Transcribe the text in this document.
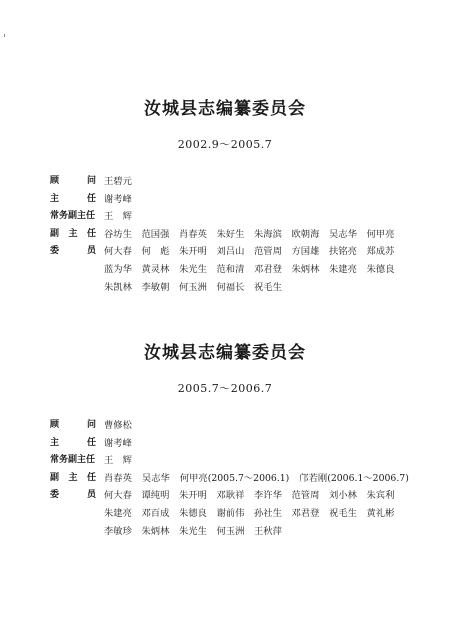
汝城县志编纂委员会
2002.9～2005.7
顾	问 王碧元
主	任 谢考峰
常务副主任 王　辉
副 主 任 谷坊生	范国强	肖春英	朱好生	朱海滨	欧朝海	吴志华	何甲亮
委	员 何大春	何　彪	朱开明	刘吕山	范管周	方国雄	扶铭亮	郑成苏
蓝为华	黄灵林	朱光生	范和清	邓君登	朱炳林	朱建亮	朱德良
朱凯林	李敏朝	何玉洲	何福长	祝毛生
汝城县志编纂委员会
2005.7～2006.7
顾	问 曹修松
主	任 谢考峰
常务副主任 王　辉
副 主 任 肖春英 吴志华 何甲亮(2005.7～2006.1) 邝若刚(2006.1～2006.7)
委	员 何大春	谭纯明	朱开明	邓耿祥	李许华	范管周	刘小林	朱宾利
朱建亮	邓百成	朱德良	谢前伟	孙社生	邓君登	祝毛生	黄礼彬
李敏珍	朱炳林	朱光生	何玉洲	王秋萍
